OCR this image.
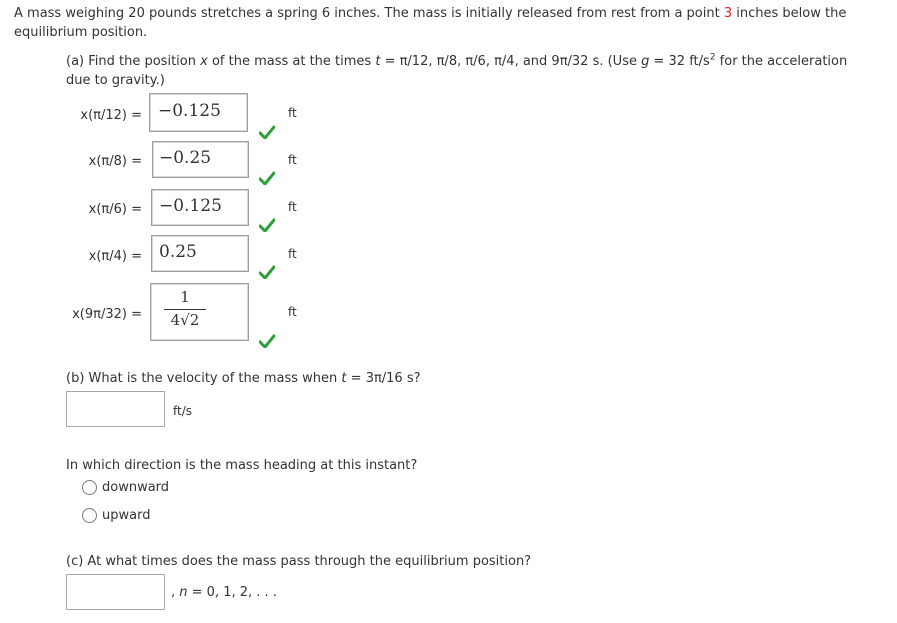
A mass weighing 20 pounds stretches a spring 6 inches. The mass is initially released from rest from a point 3 inches below the
equilibrium position.
(a) Find the position x of the mass at the times t = π/12, π/8, π/6, π/4, and 9π/32 s. (Use g = 32 $ft/s^2$ for the acceleration
due to gravity.)
x(π/12) = −0.125	ft
x(π/8) = −0.25	ft
x(π/6) = −0.125	ft
x(π/4) = 0.25	ft
x(9π/32) =
1
4√2	ft
(b) What is the velocity of the mass when t = 3π/16 s?
ft/s
In which direction is the mass heading at this instant?
downward
upward
(c) At what times does the mass pass through the equilibrium position?
, n = 0, 1, 2, . . .
